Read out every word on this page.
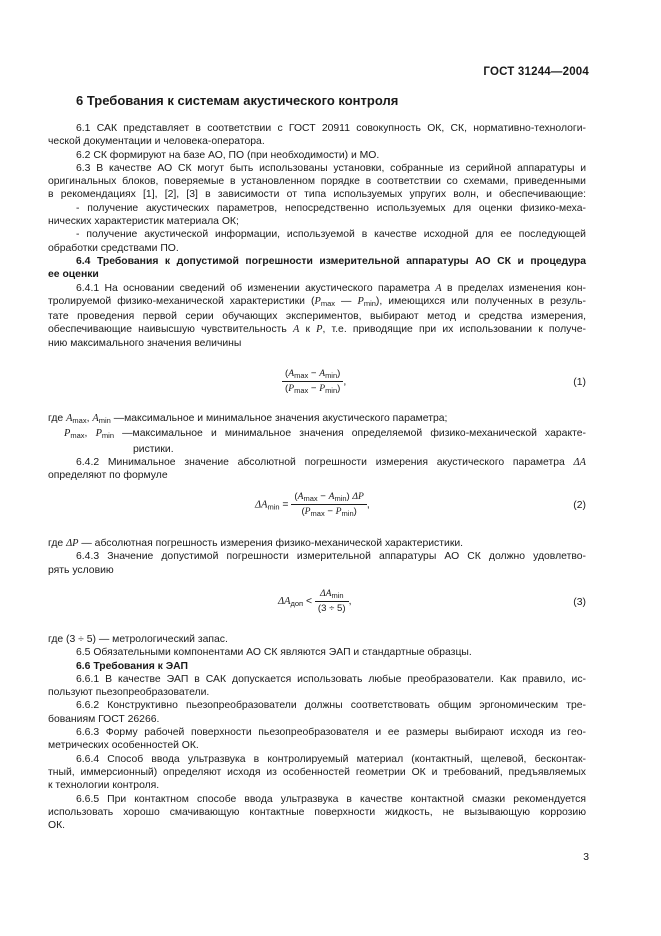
ГОСТ 31244—2004
6 Требования к системам акустического контроля

6.1 САК представляет в соответствии с ГОСТ 20911 совокупность ОК, СК, нормативно-технологи-

ческой документации и человека-оператора.

6.2 СК формируют на базе АО, ПО (при необходимости) и МО.

6.3 В качестве АО СК могут быть использованы установки, собранные из серийной аппаратуры и

оригинальных блоков, поверяемые в установленном порядке в соответствии со схемами, приведенными

в рекомендациях [1], [2], [3] в зависимости от типа используемых упругих волн, и обеспечивающие:

- получение акустических параметров, непосредственно используемых для оценки физико-меха-

нических характеристик материала ОК;

- получение акустической информации, используемой в качестве исходной для ее последующей

обработки средствами ПО.

6.4 Требования к допустимой погрешности измерительной аппаратуры АО СК и процедура

ее оценки

6.4.1 На основании сведений об изменении акустического параметра A в пределах изменения кон-

тролируемой физико-механической характеристики ($P_{max}$ — $P_{min}$), имеющихся или полученных в резуль-

тате проведения первой серии обучающих экспериментов, выбирают метод и средства измерения,

обеспечивающие наивысшую чувствительность A к P, т.е. приводящие при их использовании к получе-

нию максимального значения величины

$\frac{(A_{max} - A_{min})}{(P_{max} - P_{min})}$ ,	(1)

где $A_{max}$, $A_{min}$ —максимальное и минимальное значения акустического параметра;

$P_{max}$, $P_{min}$ —максимальное и минимальное значения определяемой физико-механической характе-

ристики.

6.4.2 Минимальное значение абсолютной погрешности измерения акустического параметра ΔA

определяют по формуле

$\Delta A_{min} = \frac{(A_{max} - A_{min}) \Delta P}{(P_{max} - P_{min})}$ ,	(2)

где ΔP — абсолютная погрешность измерения физико-механической характеристики.

6.4.3 Значение допустимой погрешности измерительной аппаратуры АО СК должно удовлетво-

рять условию

$\Delta A_{доп} < \frac{\Delta A_{min}}{(3 \div 5)}$ ,	(3)

где (3 ÷ 5) — метрологический запас.

6.5 Обязательными компонентами АО СК являются ЭАП и стандартные образцы.

6.6 Требования к ЭАП

6.6.1 В качестве ЭАП в САК допускается использовать любые преобразователи. Как правило, ис-

пользуют пьезопреобразователи.

6.6.2 Конструктивно пьезопреобразователи должны соответствовать общим эргономическим тре-

бованиям ГОСТ 26266.

6.6.3 Форму рабочей поверхности пьезопреобразователя и ее размеры выбирают исходя из гео-

метрических особенностей ОК.

6.6.4 Способ ввода ультразвука в контролируемый материал (контактный, щелевой, бесконтак-

тный, иммерсионный) определяют исходя из особенностей геометрии ОК и требований, предъявляемых

к технологии контроля.

6.6.5 При контактном способе ввода ультразвука в качестве контактной смазки рекомендуется

использовать хорошо смачивающую контактные поверхности жидкость, не вызывающую коррозию

ОК.

3
